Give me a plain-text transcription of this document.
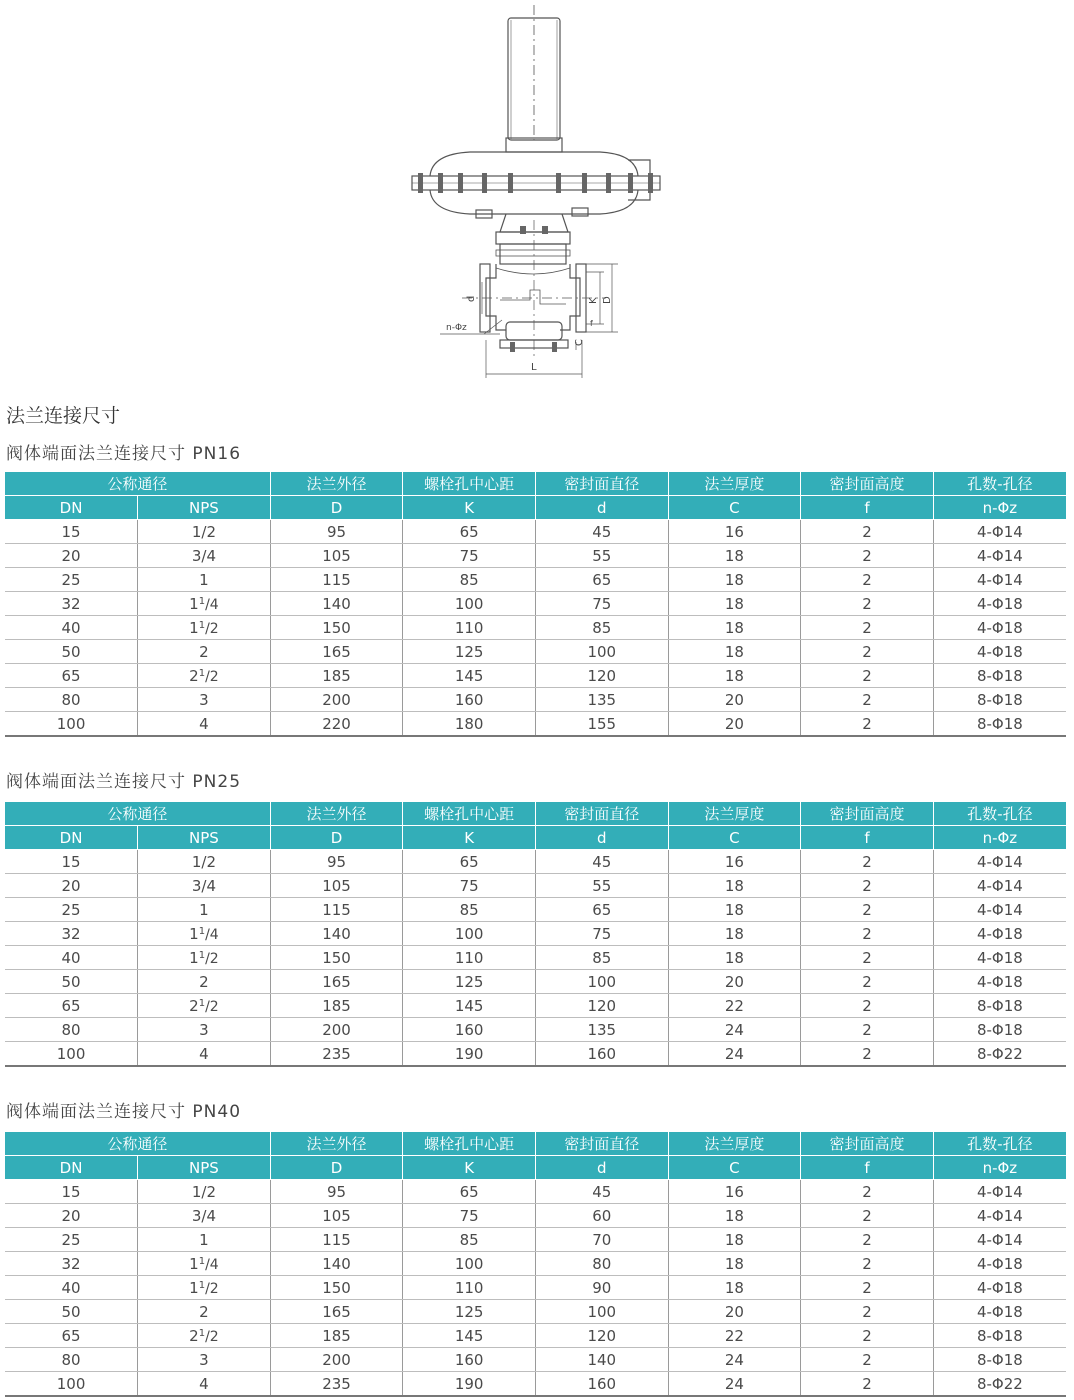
d	K D
C
f
L
n-Φz
法兰连接尺寸
阀体端面法兰连接尺寸 PN16
公称通径		法兰外径	螺栓孔中心距	密封面直径	法兰厚度	密封面高度	孔数-孔径
DN	NPS	D	K	d	C	f	n-Φz
15	1/2	95	65	45	16	2	4-Φ14
20	3/4	105	75	55	18	2	4-Φ14
25	1	115	85	65	18	2	4-Φ14
32	$1^1/4$	140	100	75	18	2	4-Φ18
40	$1^1/2$	150	110	85	18	2	4-Φ18
50	2	165	125	100	18	2	4-Φ18
65	$2^1/2$	185	145	120	18	2	8-Φ18
80	3	200	160	135	20	2	8-Φ18
100	4	220	180	155	20	2	8-Φ18
阀体端面法兰连接尺寸 PN25
公称通径		法兰外径	螺栓孔中心距	密封面直径	法兰厚度	密封面高度	孔数-孔径
DN	NPS	D	K	d	C	f	n-Φz
15	1/2	95	65	45	16	2	4-Φ14
20	3/4	105	75	55	18	2	4-Φ14
25	1	115	85	65	18	2	4-Φ14
32	$1^1/4$	140	100	75	18	2	4-Φ18
40	$1^1/2$	150	110	85	18	2	4-Φ18
50	2	165	125	100	20	2	4-Φ18
65	$2^1/2$	185	145	120	22	2	8-Φ18
80	3	200	160	135	24	2	8-Φ18
100	4	235	190	160	24	2	8-Φ22
阀体端面法兰连接尺寸 PN40
公称通径		法兰外径	螺栓孔中心距	密封面直径	法兰厚度	密封面高度	孔数-孔径
DN	NPS	D	K	d	C	f	n-Φz
15	1/2	95	65	45	16	2	4-Φ14
20	3/4	105	75	60	18	2	4-Φ14
25	1	115	85	70	18	2	4-Φ14
32	$1^1/4$	140	100	80	18	2	4-Φ18
40	$1^1/2$	150	110	90	18	2	4-Φ18
50	2	165	125	100	20	2	4-Φ18
65	$2^1/2$	185	145	120	22	2	8-Φ18
80	3	200	160	140	24	2	8-Φ18
100	4	235	190	160	24	2	8-Φ22
